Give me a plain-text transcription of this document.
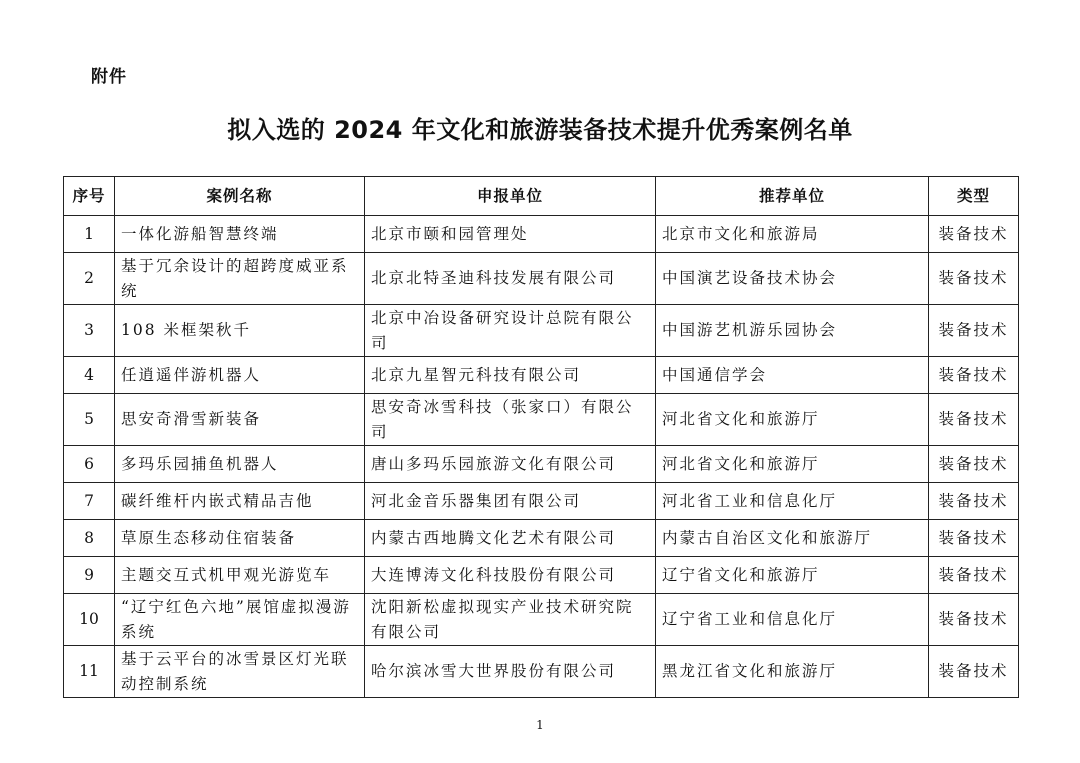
附件
拟入选的 2024 年文化和旅游装备技术提升优秀案例名单
序号	案例名称	申报单位	推荐单位	类型
1	一体化游船智慧终端	北京市颐和园管理处	北京市文化和旅游局	装备技术
2	基于冗余设计的超跨度威亚系统	北京北特圣迪科技发展有限公司	中国演艺设备技术协会	装备技术
3	108 米框架秋千	北京中冶设备研究设计总院有限公司	中国游艺机游乐园协会	装备技术
4	任逍遥伴游机器人	北京九星智元科技有限公司	中国通信学会	装备技术
5	思安奇滑雪新装备	思安奇冰雪科技（张家口）有限公司	河北省文化和旅游厅	装备技术
6	多玛乐园捕鱼机器人	唐山多玛乐园旅游文化有限公司	河北省文化和旅游厅	装备技术
7	碳纤维杆内嵌式精品吉他	河北金音乐器集团有限公司	河北省工业和信息化厅	装备技术
8	草原生态移动住宿装备	内蒙古西地腾文化艺术有限公司	内蒙古自治区文化和旅游厅	装备技术
9	主题交互式机甲观光游览车	大连博涛文化科技股份有限公司	辽宁省文化和旅游厅	装备技术
10	“辽宁红色六地”展馆虚拟漫游系统	沈阳新松虚拟现实产业技术研究院有限公司	辽宁省工业和信息化厅	装备技术
11	基于云平台的冰雪景区灯光联动控制系统	哈尔滨冰雪大世界股份有限公司	黑龙江省文化和旅游厅	装备技术
1
